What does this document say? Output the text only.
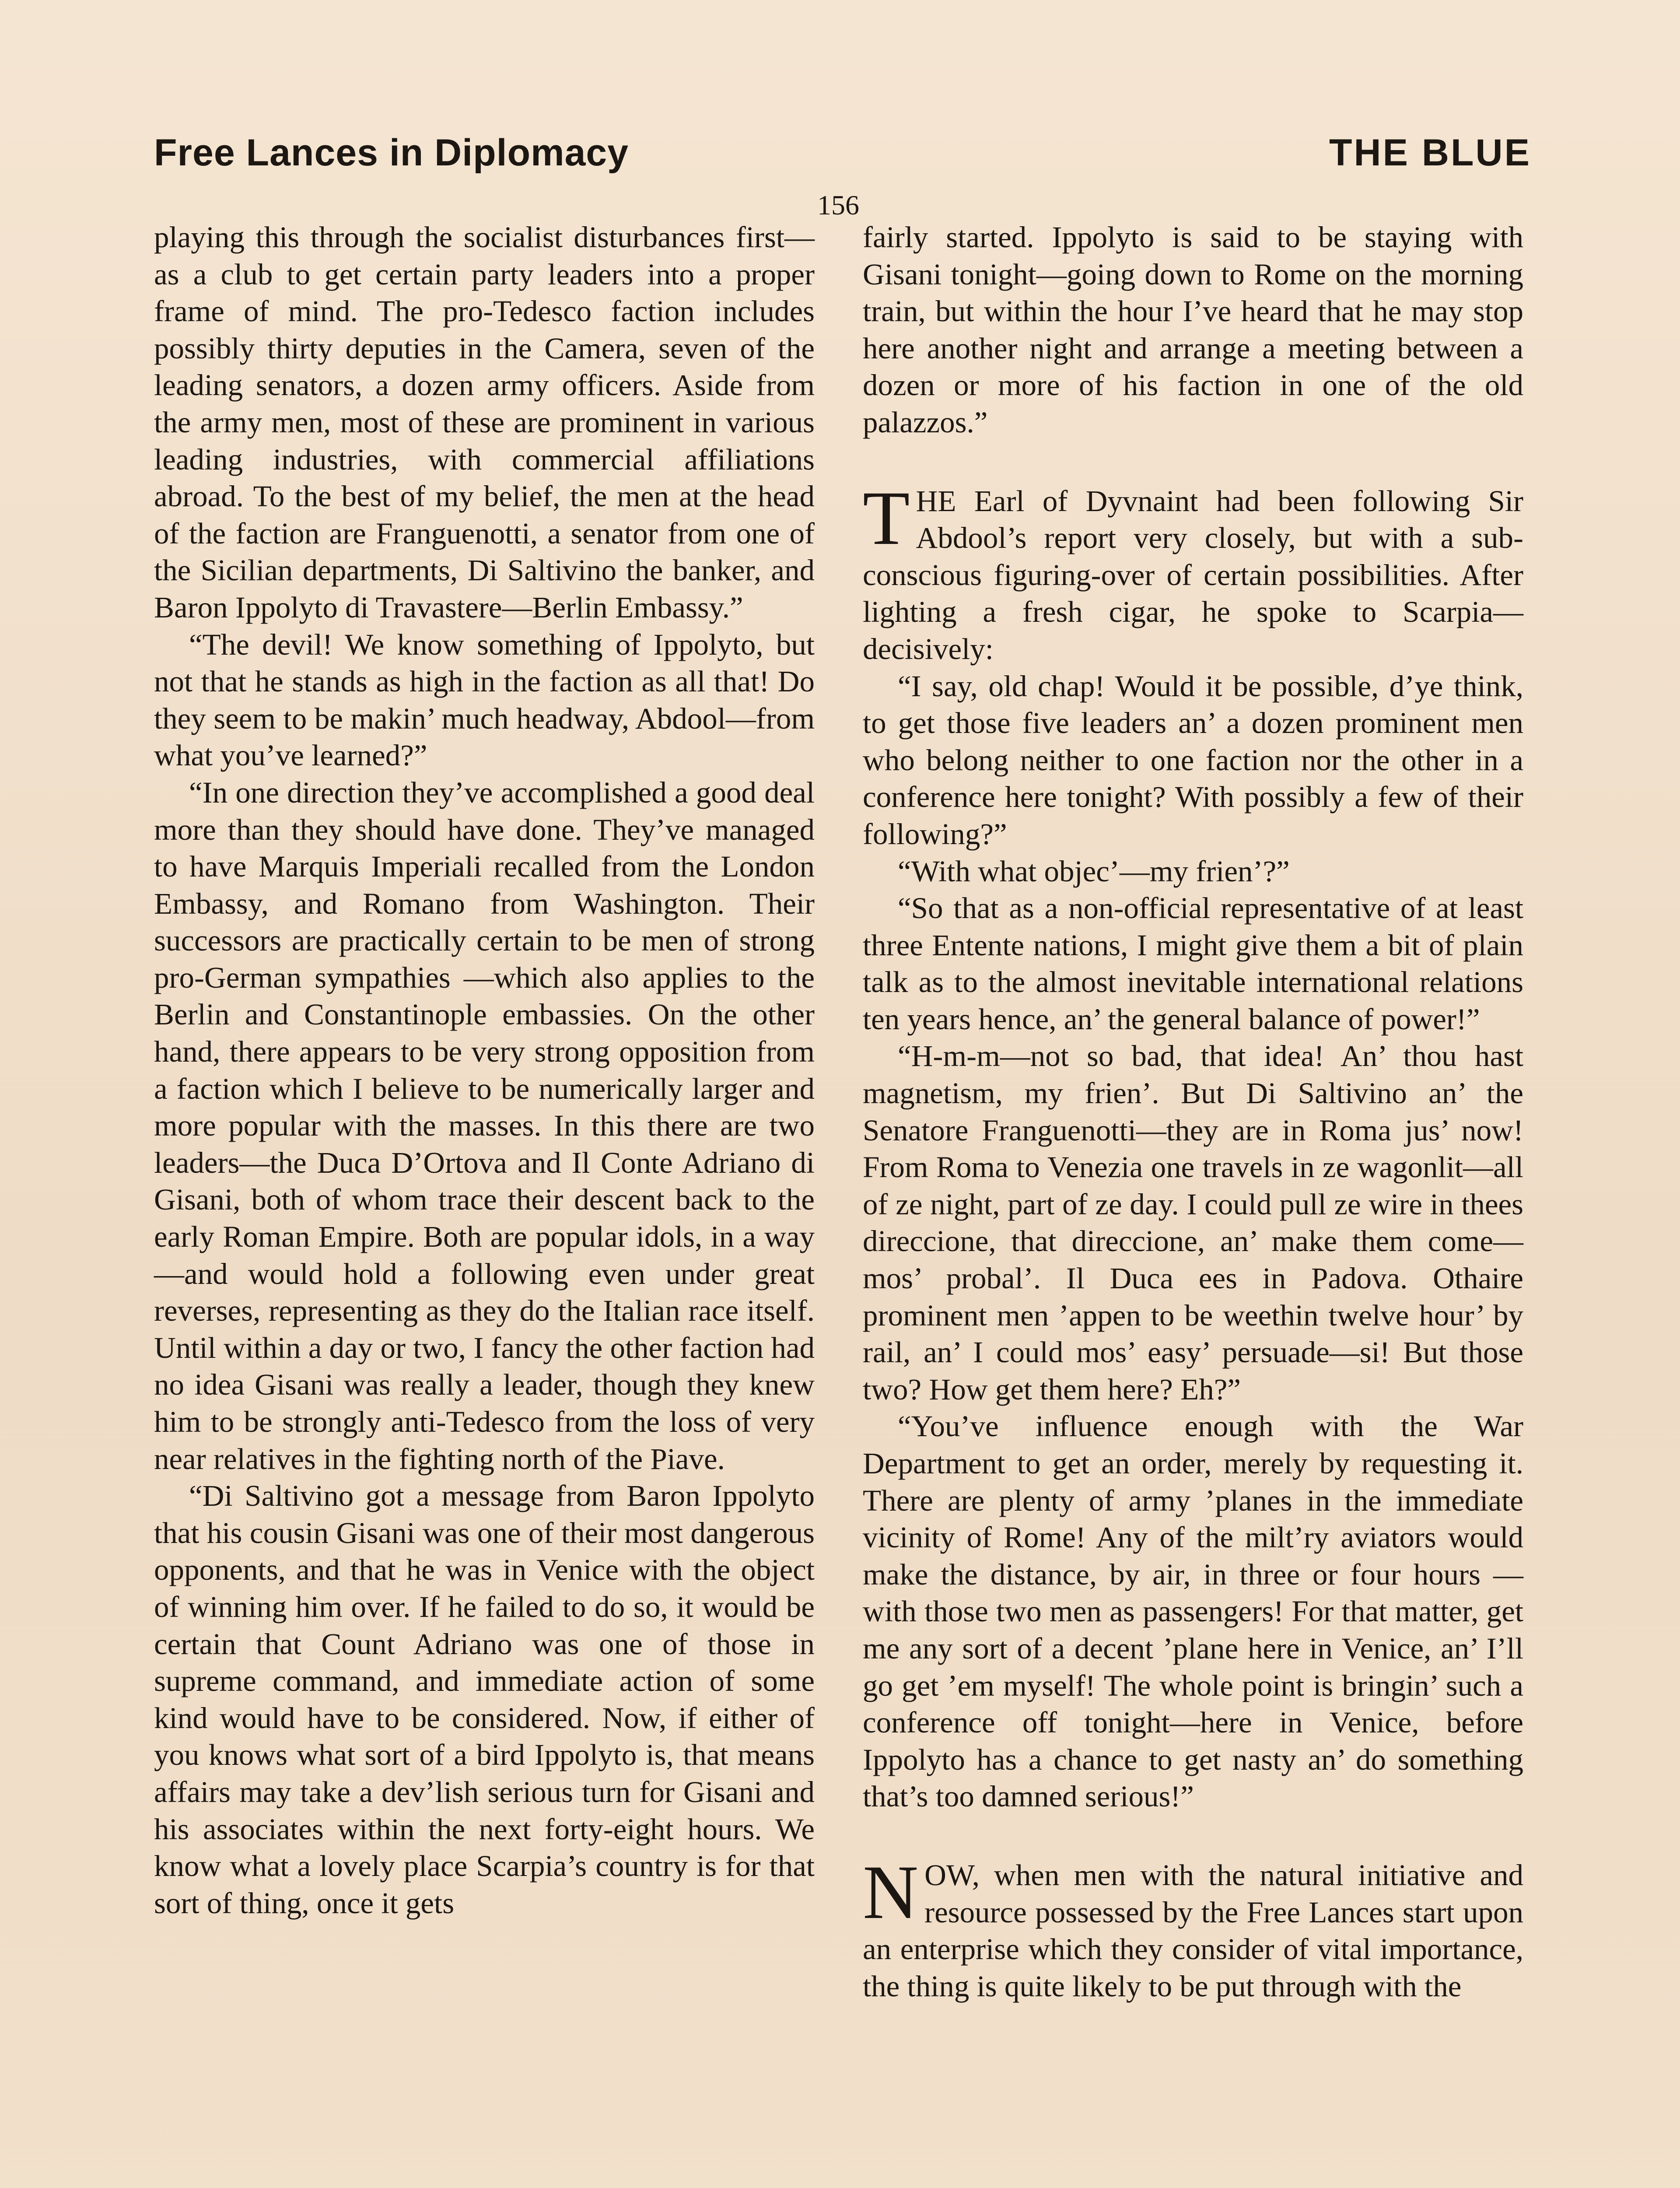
Free Lances in Diplomacy	THE BLUE
156

playing this through the socialist disturbances first—as a club to get certain party leaders into a proper frame of mind. The pro-Tedesco faction includes possibly thirty deputies in the Camera, seven of the leading senators, a dozen army officers. Aside from the army men, most of these are prominent in various leading industries, with commercial affiliations abroad. To the best of my belief, the men at the head of the faction are Franguenotti, a senator from one of the Sicilian departments, Di Saltivino the banker, and Baron Ippolyto di Travastere—Berlin Embassy.”

“The devil! We know something of Ippolyto, but not that he stands as high in the faction as all that! Do they seem to be makin’ much headway, Abdool—from what you’ve learned?”

“In one direction they’ve accomplished a good deal more than they should have done. They’ve managed to have Marquis Imperiali recalled from the London Embassy, and Romano from Washington. Their successors are practically certain to be men of strong pro-German sympathies —which also applies to the Berlin and Constantinople embassies. On the other hand, there appears to be very strong opposition from a faction which I believe to be numerically larger and more popular with the masses. In this there are two leaders—the Duca D’Ortova and Il Conte Adriano di Gisani, both of whom trace their descent back to the early Roman Empire. Both are popular idols, in a way —and would hold a following even under great reverses, representing as they do the Italian race itself. Until within a day or two, I fancy the other faction had no idea Gisani was really a leader, though they knew him to be strongly anti-Tedesco from the loss of very near relatives in the fighting north of the Piave.

“Di Saltivino got a message from Baron Ippolyto that his cousin Gisani was one of their most dangerous opponents, and that he was in Venice with the object of winning him over. If he failed to do so, it would be certain that Count Adriano was one of those in supreme command, and immediate action of some kind would have to be considered. Now, if either of you knows what sort of a bird Ippolyto is, that means affairs may take a dev’lish serious turn for Gisani and his associates within the next forty-eight hours. We know what a lovely place Scarpia’s country is for that sort of thing, once it gets

fairly started. Ippolyto is said to be staying with Gisani tonight—going down to Rome on the morning train, but within the hour I’ve heard that he may stop here another night and arrange a meeting between a dozen or more of his faction in one of the old palazzos.”

THE Earl of Dyvnaint had been following Sir Abdool’s report very closely, but with a sub-conscious figuring-over of certain possibilities. After lighting a fresh cigar, he spoke to Scarpia—decisively:

“I say, old chap! Would it be possible, d’ye think, to get those five leaders an’ a dozen prominent men who belong neither to one faction nor the other in a conference here tonight? With possibly a few of their following?”

“With what objec’—my frien’?”

“So that as a non-official representative of at least three Entente nations, I might give them a bit of plain talk as to the almost inevitable international relations ten years hence, an’ the general balance of power!”

“H-m-m—not so bad, that idea! An’ thou hast magnetism, my frien’. But Di Saltivino an’ the Senatore Franguenotti—they are in Roma jus’ now! From Roma to Venezia one travels in ze wagonlit—all of ze night, part of ze day. I could pull ze wire in thees direccione, that direccione, an’ make them come—mos’ probal’. Il Duca ees in Padova. Othaire prominent men ’appen to be weethin twelve hour’ by rail, an’ I could mos’ easy’ persuade—si! But those two? How get them here? Eh?”

“You’ve influence enough with the War Department to get an order, merely by requesting it. There are plenty of army ’planes in the immediate vicinity of Rome! Any of the milt’ry aviators would make the distance, by air, in three or four hours —with those two men as passengers! For that matter, get me any sort of a decent ’plane here in Venice, an’ I’ll go get ’em myself! The whole point is bringin’ such a conference off tonight—here in Venice, before Ippolyto has a chance to get nasty an’ do something that’s too damned serious!”

NOW, when men with the natural initiative and resource possessed by the Free Lances start upon an enterprise which they consider of vital importance, the thing is quite likely to be put through with the
